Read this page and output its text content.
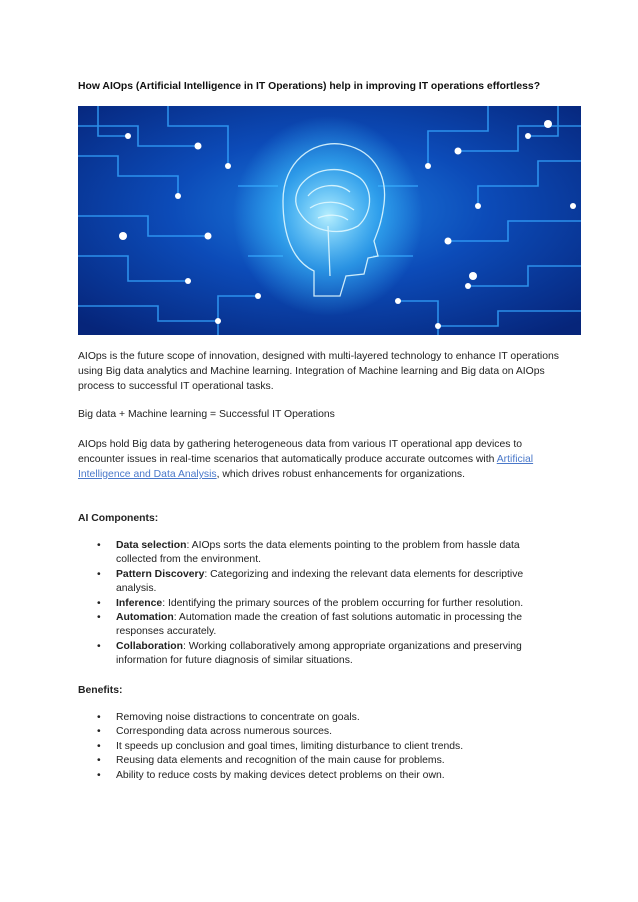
How AIOps (Artificial Intelligence in IT Operations) help in improving IT operations effortless?

AIOps is the future scope of innovation, designed with multi-layered technology to enhance IT operations using Big data analytics and Machine learning. Integration of Machine learning and Big data on AIOps process to successful IT operational tasks.

Big data + Machine learning = Successful IT Operations

AIOps hold Big data by gathering heterogeneous data from various IT operational app devices to encounter issues in real-time scenarios that automatically produce accurate outcomes with Artificial Intelligence and Data Analysis, which drives robust enhancements for organizations.

AI Components:
• Data selection: AIOps sorts the data elements pointing to the problem from hassle data collected from the environment.
• Pattern Discovery: Categorizing and indexing the relevant data elements for descriptive analysis.
• Inference: Identifying the primary sources of the problem occurring for further resolution.
• Automation: Automation made the creation of fast solutions automatic in processing the responses accurately.
• Collaboration: Working collaboratively among appropriate organizations and preserving information for future diagnosis of similar situations.
Benefits:
• Removing noise distractions to concentrate on goals.
• Corresponding data across numerous sources.
• It speeds up conclusion and goal times, limiting disturbance to client trends.
• Reusing data elements and recognition of the main cause for problems.
• Ability to reduce costs by making devices detect problems on their own.
